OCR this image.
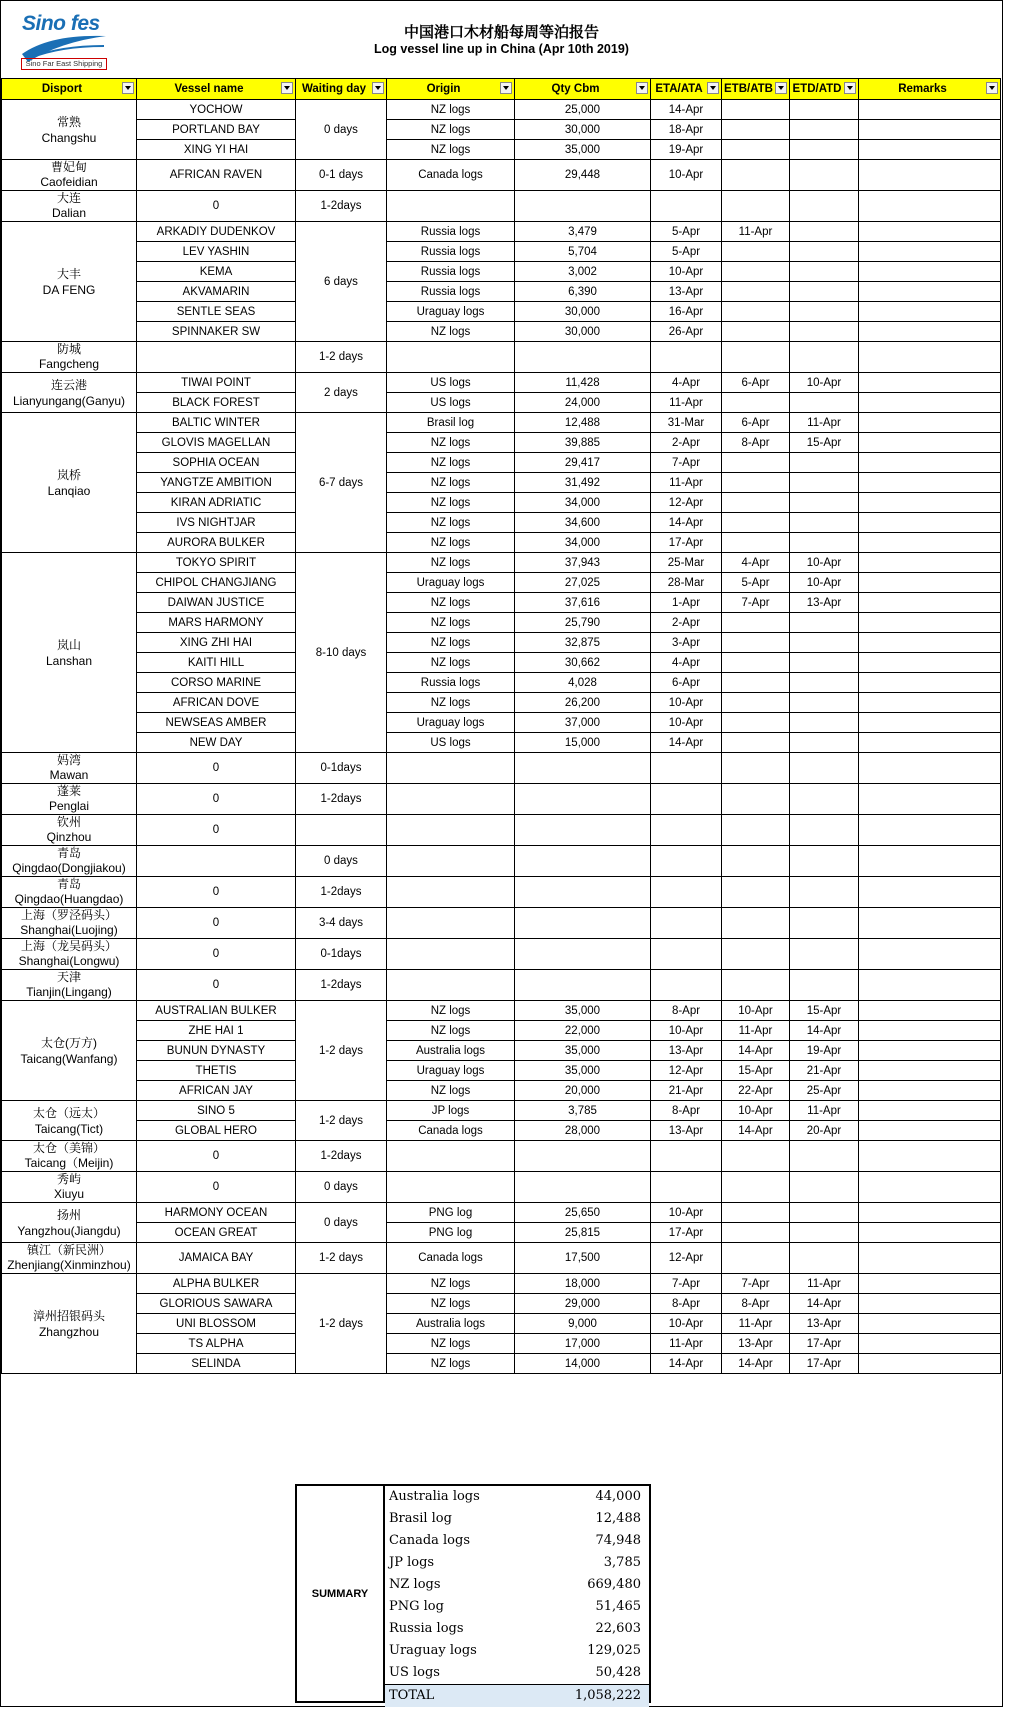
Sino fes
Sino Far East Shipping
中国港口木材船每周等泊报告
Log vessel line up in China (Apr 10th 2019)
Disport	Vessel name	Waiting day	Origin	Qty Cbm	ETA/ATA	ETB/ATB	ETD/ATD	Remarks

常熟
Changshu	YOCHOW	0 days	NZ logs	25,000	14-Apr			
	PORTLAND BAY		NZ logs	30,000	18-Apr			
	XING YI HAI		NZ logs	35,000	19-Apr			

曹妃甸
Caofeidian	AFRICAN RAVEN	0-1 days	Canada logs	29,448	10-Apr			

大连
Dalian	0	1-2days						

大丰
DA FENG	ARKADIY DUDENKOV	6 days	Russia logs	3,479	5-Apr	11-Apr		
	LEV YASHIN		Russia logs	5,704	5-Apr			
	KEMA		Russia logs	3,002	10-Apr			
	AKVAMARIN		Russia logs	6,390	13-Apr			
	SENTLE SEAS		Uraguay logs	30,000	16-Apr			
	SPINNAKER SW		NZ logs	30,000	26-Apr			

防城
Fangcheng		1-2 days						

连云港
Lianyungang(Ganyu)	TIWAI POINT	2 days	US logs	11,428	4-Apr	6-Apr	10-Apr	
	BLACK FOREST		US logs	24,000	11-Apr			

岚桥
Lanqiao	BALTIC WINTER	6-7 days	Brasil log	12,488	31-Mar	6-Apr	11-Apr	
	GLOVIS MAGELLAN		NZ logs	39,885	2-Apr	8-Apr	15-Apr	
	SOPHIA OCEAN		NZ logs	29,417	7-Apr			
	YANGTZE AMBITION		NZ logs	31,492	11-Apr			
	KIRAN ADRIATIC		NZ logs	34,000	12-Apr			
	IVS NIGHTJAR		NZ logs	34,600	14-Apr			
	AURORA BULKER		NZ logs	34,000	17-Apr			

岚山
Lanshan	TOKYO SPIRIT	8-10 days	NZ logs	37,943	25-Mar	4-Apr	10-Apr	
	CHIPOL CHANGJIANG		Uraguay logs	27,025	28-Mar	5-Apr	10-Apr	
	DAIWAN JUSTICE		NZ logs	37,616	1-Apr	7-Apr	13-Apr	
	MARS HARMONY		NZ logs	25,790	2-Apr			
	XING ZHI HAI		NZ logs	32,875	3-Apr			
	KAITI HILL		NZ logs	30,662	4-Apr			
	CORSO MARINE		Russia logs	4,028	6-Apr			
	AFRICAN DOVE		NZ logs	26,200	10-Apr			
	NEWSEAS AMBER		Uraguay logs	37,000	10-Apr			
	NEW DAY		US logs	15,000	14-Apr			

妈湾
Mawan	0	0-1days						

蓬莱
Penglai	0	1-2days						

钦州
Qinzhou	0							

青岛
Qingdao(Dongjiakou)		0 days						

青岛
Qingdao(Huangdao)	0	1-2days						

上海（罗泾码头）
Shanghai(Luojing)	0	3-4 days						

上海（龙吴码头）
Shanghai(Longwu)	0	0-1days						

天津
Tianjin(Lingang)	0	1-2days						

太仓(万方)
Taicang(Wanfang)	AUSTRALIAN BULKER	1-2 days	NZ logs	35,000	8-Apr	10-Apr	15-Apr	
	ZHE HAI 1		NZ logs	22,000	10-Apr	11-Apr	14-Apr	
	BUNUN DYNASTY		Australia logs	35,000	13-Apr	14-Apr	19-Apr	
	THETIS		Uraguay logs	35,000	12-Apr	15-Apr	21-Apr	
	AFRICAN JAY		NZ logs	20,000	21-Apr	22-Apr	25-Apr	

太仓（远太）
Taicang(Tict)	SINO 5	1-2 days	JP logs	3,785	8-Apr	10-Apr	11-Apr	
	GLOBAL HERO		Canada logs	28,000	13-Apr	14-Apr	20-Apr	

太仓（美锦）
Taicang（Meijin)	0	1-2days						

秀屿
Xiuyu	0	0 days						

扬州
Yangzhou(Jiangdu)	HARMONY OCEAN	0 days	PNG log	25,650	10-Apr			
	OCEAN GREAT		PNG log	25,815	17-Apr			

镇江（新民洲）
Zhenjiang(Xinminzhou)	JAMAICA BAY	1-2 days	Canada logs	17,500	12-Apr			

漳州招银码头
Zhangzhou	ALPHA BULKER	1-2 days	NZ logs	18,000	7-Apr	7-Apr	11-Apr	
	GLORIOUS SAWARA		NZ logs	29,000	8-Apr	8-Apr	14-Apr	
	UNI BLOSSOM		Australia logs	9,000	10-Apr	11-Apr	13-Apr	
	TS ALPHA		NZ logs	17,000	11-Apr	13-Apr	17-Apr	
	SELINDA		NZ logs	14,000	14-Apr	14-Apr	17-Apr	
SUMMARY
Australia logs	44,000
Brasil log	12,488
Canada logs	74,948
JP logs	3,785
NZ logs	669,480
PNG log	51,465
Russia logs	22,603
Uraguay logs	129,025
US logs	50,428
TOTAL	1,058,222
